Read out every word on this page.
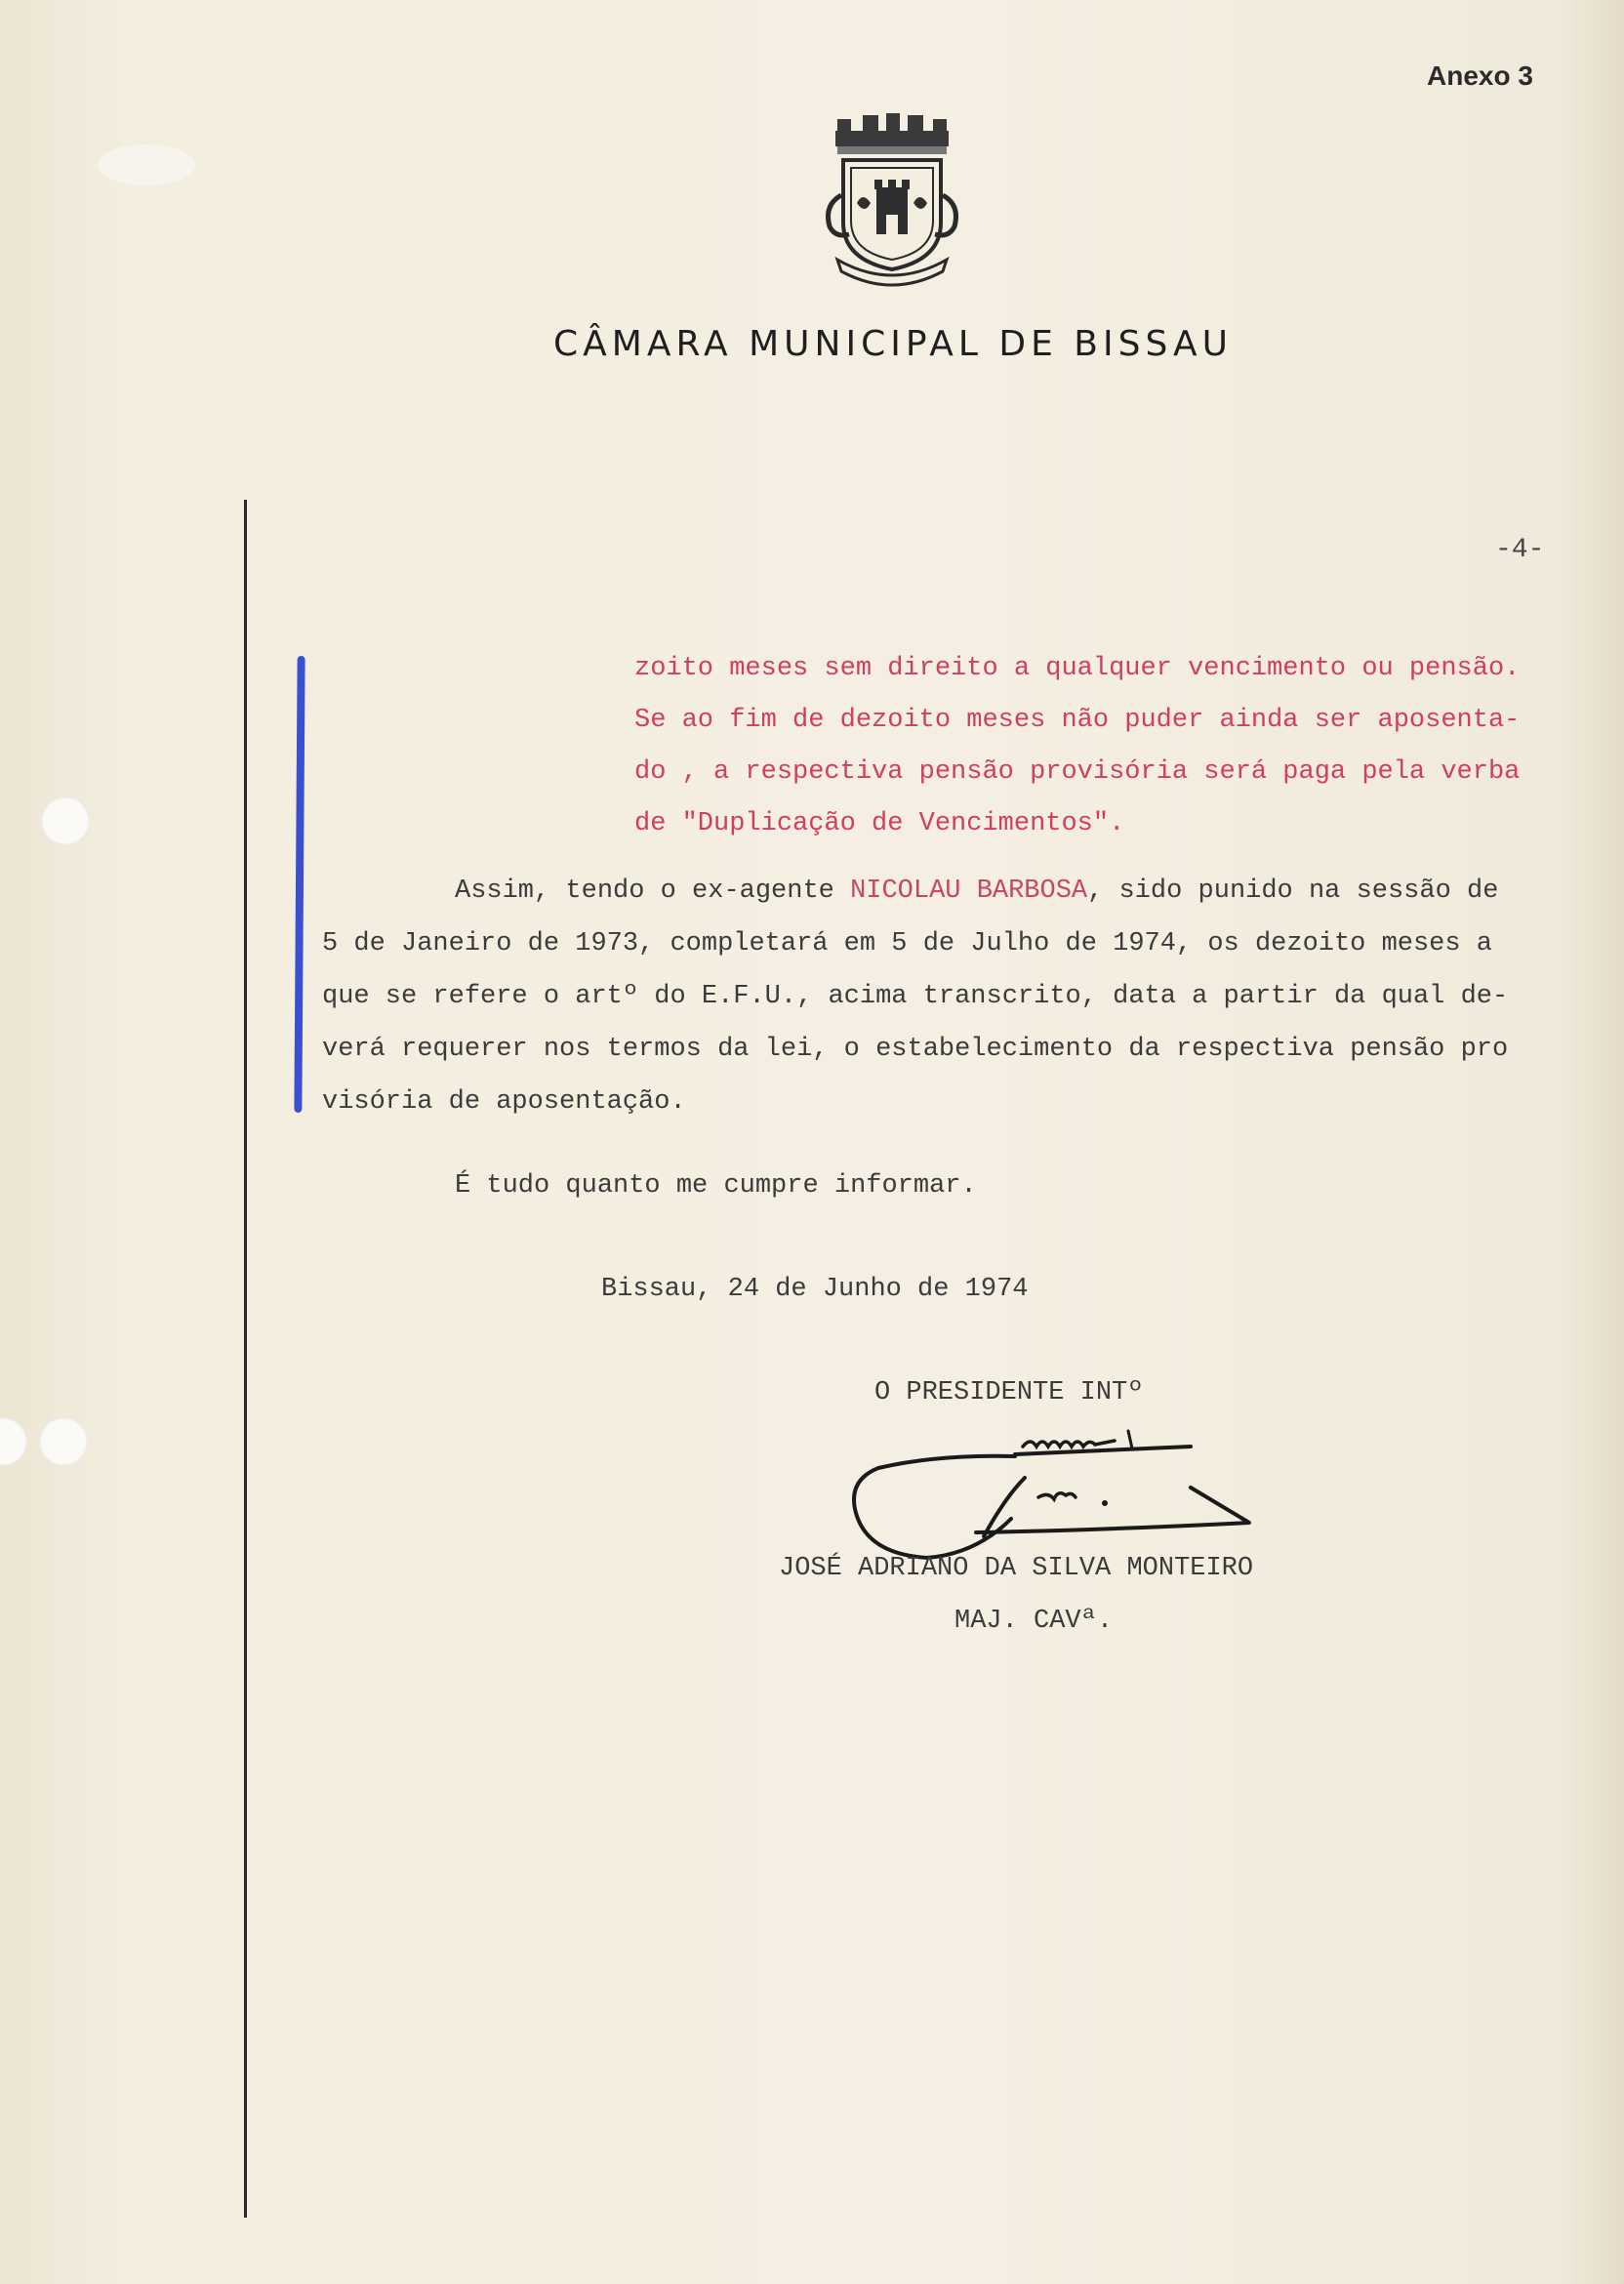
Anexo 3
CÂMARA MUNICIPAL DE BISSAU
-4-
zoito meses sem direito a qualquer vencimento ou pensão.
Se ao fim de dezoito meses não puder ainda ser aposenta-
do , a respectiva pensão provisória será paga pela verba
de "Duplicação de Vencimentos".
Assim, tendo o ex-agente NICOLAU BARBOSA, sido punido na sessão de
5 de Janeiro de 1973, completará em 5 de Julho de 1974, os dezoito meses a
que se refere o artº do E.F.U., acima transcrito, data a partir da qual de-
verá requerer nos termos da lei, o estabelecimento da respectiva pensão pro
visória de aposentação.
É tudo quanto me cumpre informar.
Bissau, 24 de Junho de 1974
O PRESIDENTE INTº
JOSÉ ADRIANO DA SILVA MONTEIRO
MAJ. CAVª.
